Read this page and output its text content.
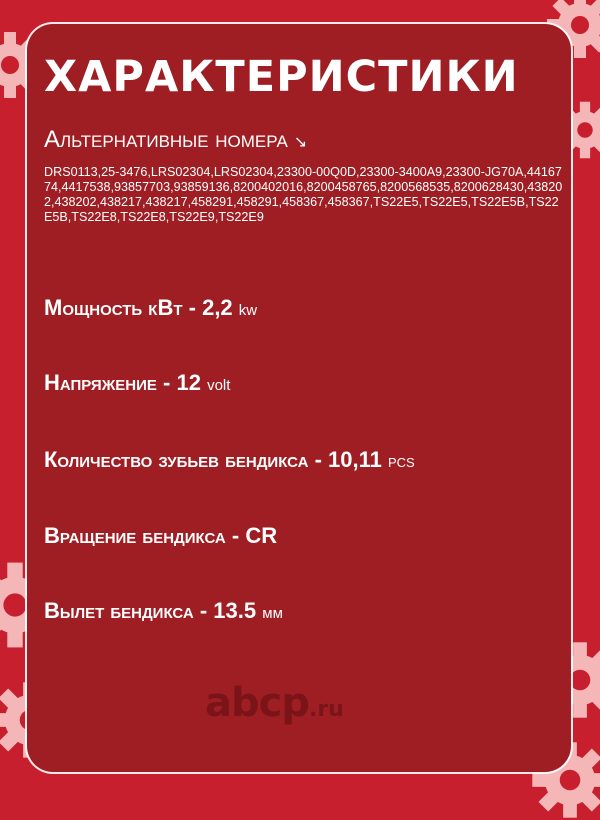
ХАРАКТЕРИСТИКИ
Альтернативные номера ↘
DRS0113,25-3476,LRS02304,LRS02304,23300-00Q0D,23300-3400A9,23300-JG70A,4416774,4417538,93857703,93859136,8200402016,8200458765,8200568535,8200628430,438202,438202,438217,438217,458291,458291,458367,458367,TS22E5,TS22E5,TS22E5B,TS22E5B,TS22E8,TS22E8,TS22E9,TS22E9
Мощность кВт - 2,2 kw
Напряжение - 12 volt
Количество зубьев бендикса - 10,11 PCS
Вращение бендикса - CR
Вылет бендикса - 13.5 мм
abcp.ru
